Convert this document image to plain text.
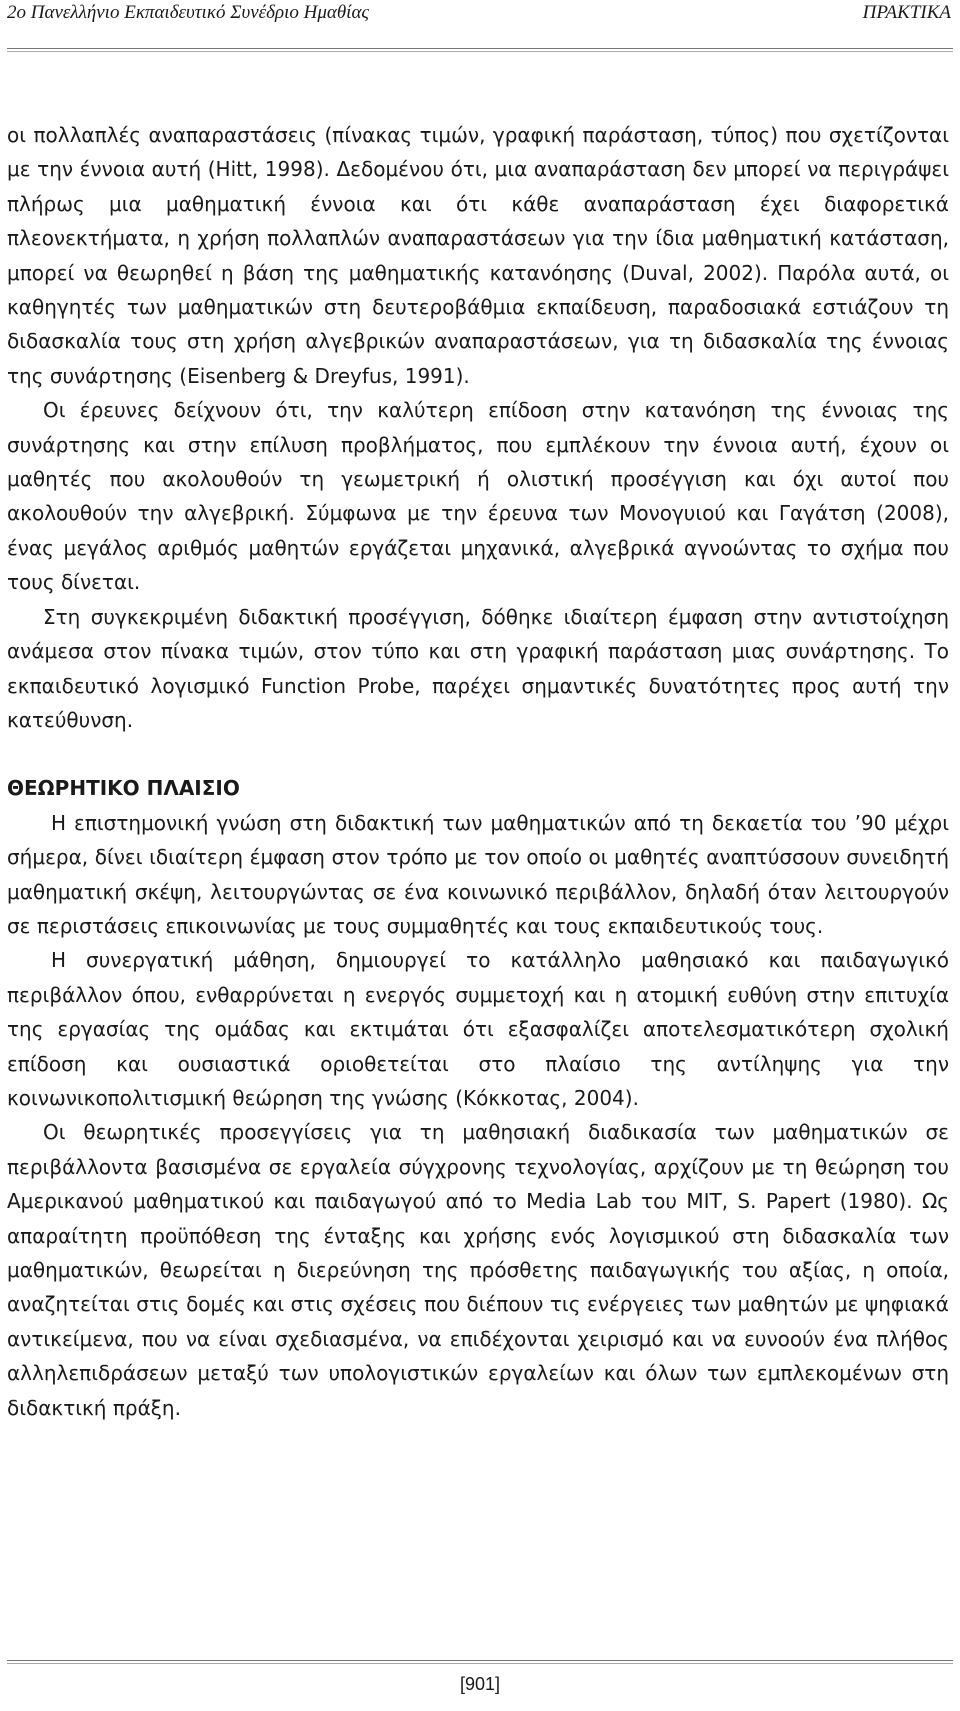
2ο Πανελλήνιο Εκπαιδευτικό Συνέδριο Ημαθίας	ΠΡΑΚΤΙΚΑ

οι πολλαπλές αναπαραστάσεις (πίνακας τιμών, γραφική παράσταση, τύπος) που σχετίζονται με την έννοια αυτή (Hitt, 1998). Δεδομένου ότι, μια αναπαράσταση δεν μπορεί να περιγράψει πλήρως μια μαθηματική έννοια και ότι κάθε αναπαράσταση έχει διαφορετικά πλεονεκτήματα, η χρήση πολλαπλών αναπαραστάσεων για την ίδια μαθηματική κατάσταση, μπορεί να θεωρηθεί η βάση της μαθηματικής κατανόησης (Duval, 2002). Παρόλα αυτά, οι καθηγητές των μαθηματικών στη δευτεροβάθμια εκπαίδευση, παραδοσιακά εστιάζουν τη διδασκαλία τους στη χρήση αλγεβρικών αναπαραστάσεων, για τη διδασκαλία της έννοιας της συνάρτησης (Eisenberg & Dreyfus, 1991).

Οι έρευνες δείχνουν ότι, την καλύτερη επίδοση στην κατανόηση της έννοιας της συνάρτησης και στην επίλυση προβλήματος, που εμπλέκουν την έννοια αυτή, έχουν οι μαθητές που ακολουθούν τη γεωμετρική ή ολιστική προσέγγιση και όχι αυτοί που ακολουθούν την αλγεβρική. Σύμφωνα με την έρευνα των Μονογυιού και Γαγάτση (2008), ένας μεγάλος αριθμός μαθητών εργάζεται μηχανικά, αλγεβρικά αγνοώντας το σχήμα που τους δίνεται.

Στη συγκεκριμένη διδακτική προσέγγιση, δόθηκε ιδιαίτερη έμφαση στην αντιστοίχηση ανάμεσα στον πίνακα τιμών, στον τύπο και στη γραφική παράσταση μιας συνάρτησης. Το εκπαιδευτικό λογισμικό Function Probe, παρέχει σημαντικές δυνατότητες προς αυτή την κατεύθυνση.

ΘΕΩΡΗΤΙΚΟ ΠΛΑΙΣΙΟ

Η επιστημονική γνώση στη διδακτική των μαθηματικών από τη δεκαετία του ’90 μέχρι σήμερα, δίνει ιδιαίτερη έμφαση στον τρόπο με τον οποίο οι μαθητές αναπτύσσουν συνειδητή μαθηματική σκέψη, λειτουργώντας σε ένα κοινωνικό περιβάλλον, δηλαδή όταν λειτουργούν σε περιστάσεις επικοινωνίας με τους συμμαθητές και τους εκπαιδευτικούς τους.

Η συνεργατική μάθηση, δημιουργεί το κατάλληλο μαθησιακό και παιδαγωγικό περιβάλλον όπου, ενθαρρύνεται η ενεργός συμμετοχή και η ατομική ευθύνη στην επιτυχία της εργασίας της ομάδας και εκτιμάται ότι εξασφαλίζει αποτελεσματικότερη σχολική επίδοση και ουσιαστικά οριοθετείται στο πλαίσιο της αντίληψης για την κοινωνικοπολιτισμική θεώρηση της γνώσης (Κόκκοτας, 2004).

Οι θεωρητικές προσεγγίσεις για τη μαθησιακή διαδικασία των μαθηματικών σε περιβάλλοντα βασισμένα σε εργαλεία σύγχρονης τεχνολογίας, αρχίζουν με τη θεώρηση του Αμερικανού μαθηματικού και παιδαγωγού από το Media Lab του MIT, S. Papert (1980). Ως απαραίτητη προϋπόθεση της ένταξης και χρήσης ενός λογισμικού στη διδασκαλία των μαθηματικών, θεωρείται η διερεύνηση της πρόσθετης παιδαγωγικής του αξίας, η οποία, αναζητείται στις δομές και στις σχέσεις που διέπουν τις ενέργειες των μαθητών με ψηφιακά αντικείμενα, που να είναι σχεδιασμένα, να επιδέχονται χειρισμό και να ευνοούν ένα πλήθος αλληλεπιδράσεων μεταξύ των υπολογιστικών εργαλείων και όλων των εμπλεκομένων στη διδακτική πράξη.

[901]
